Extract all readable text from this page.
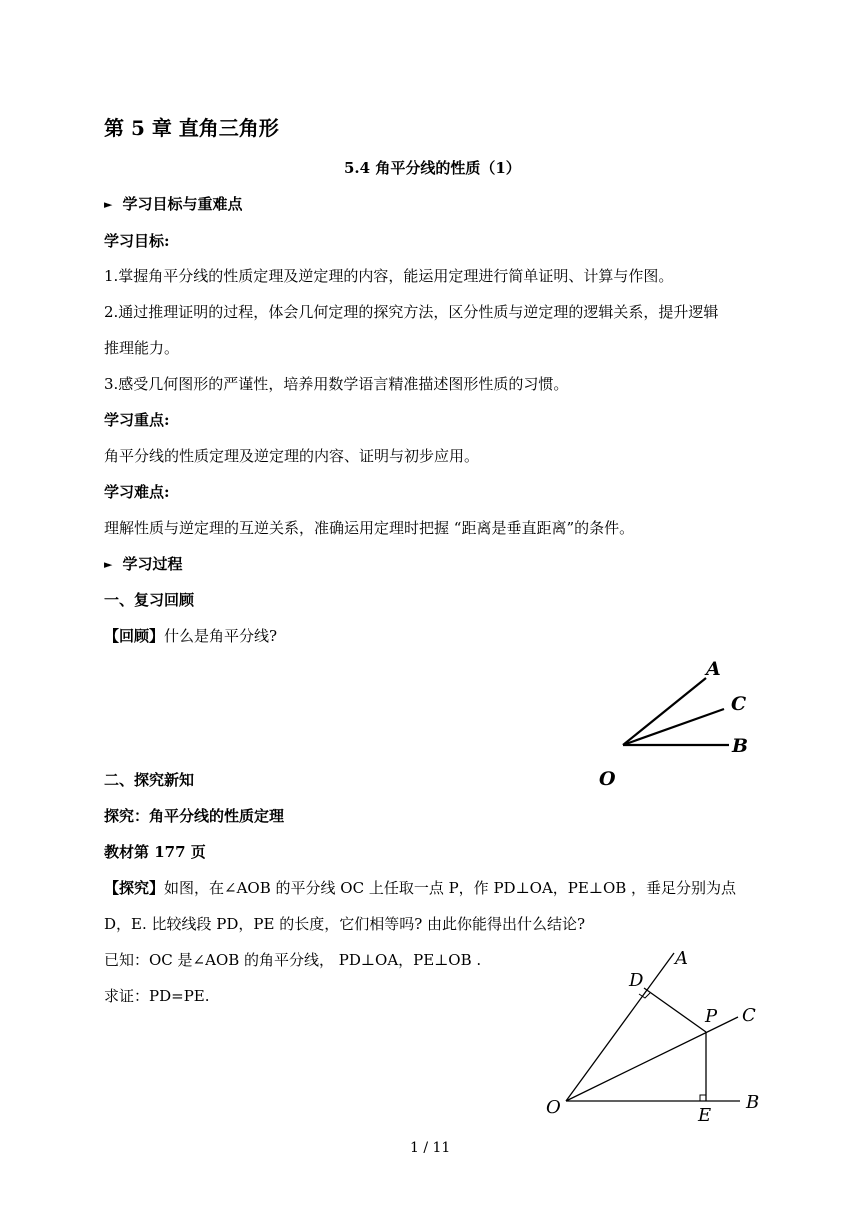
第 5 章 直角三角形
5.4 角平分线的性质（1）
► 学习目标与重难点
学习目标:
1.掌握角平分线的性质定理及逆定理的内容，能运用定理进行简单证明、计算与作图。
2.通过推理证明的过程，体会几何定理的探究方法，区分性质与逆定理的逻辑关系，提升逻辑
推理能力。
3.感受几何图形的严谨性，培养用数学语言精准描述图形性质的习惯。
学习重点:
角平分线的性质定理及逆定理的内容、证明与初步应用。
学习难点:
理解性质与逆定理的互逆关系，准确运用定理时把握 “距离是垂直距离”的条件。
► 学习过程
一、复习回顾
【回顾】什么是角平分线?
A
C
O
B
二、探究新知
探究：角平分线的性质定理
教材第 177 页
【探究】如图，在∠AOB 的平分线 OC 上任取一点 P，作 PD⊥OA，PE⊥OB ，垂足分别为点
D，E. 比较线段 PD，PE 的长度，它们相等吗? 由此你能得出什么结论?
已知：OC 是∠AOB 的角平分线， PD⊥OA，PE⊥OB .
求证：PD=PE.
D
A
P C
O	E
B
1 / 11
